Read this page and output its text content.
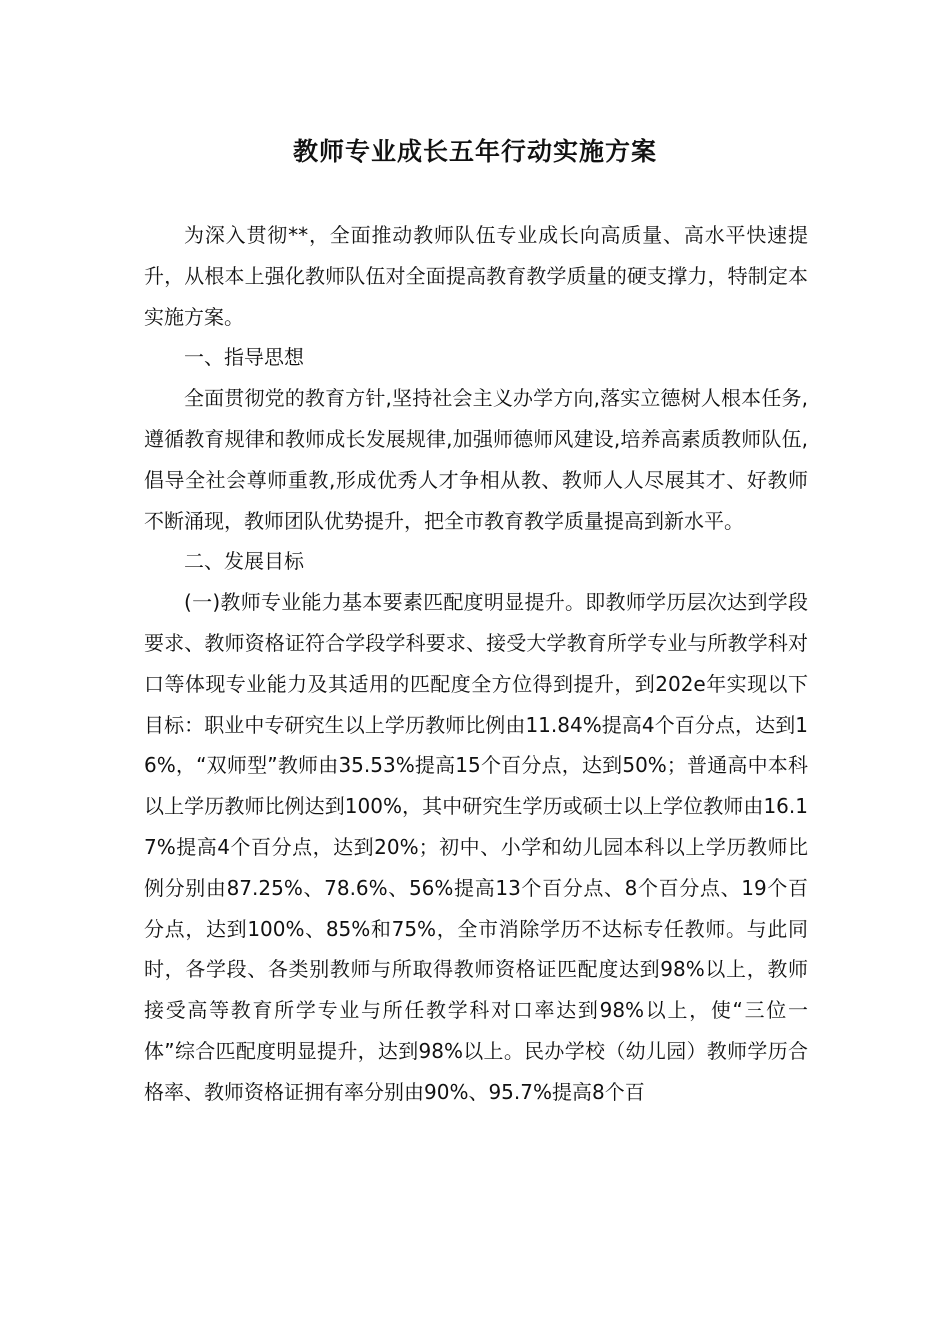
教师专业成长五年行动实施方案

为深入贯彻**，全面推动教师队伍专业成长向高质量、高水平快速提升，从根本上强化教师队伍对全面提高教育教学质量的硬支撑力，特制定本实施方案。

一、指导思想

全面贯彻党的教育方针,坚持社会主义办学方向,落实立德树人根本任务,遵循教育规律和教师成长发展规律,加强师德师风建设,培养高素质教师队伍,倡导全社会尊师重教,形成优秀人才争相从教、教师人人尽展其才、好教师不断涌现，教师团队优势提升，把全市教育教学质量提高到新水平。

二、发展目标

(一)教师专业能力基本要素匹配度明显提升。即教师学历层次达到学段要求、教师资格证符合学段学科要求、接受大学教育所学专业与所教学科对口等体现专业能力及其适用的匹配度全方位得到提升，到202e年实现以下目标：职业中专研究生以上学历教师比例由11.84%提高4个百分点，达到16%，“双师型”教师由35.53%提高15个百分点，达到50%；普通高中本科以上学历教师比例达到100%，其中研究生学历或硕士以上学位教师由16.17%提高4个百分点，达到20%；初中、小学和幼儿园本科以上学历教师比例分别由87.25%、78.6%、56%提高13个百分点、8个百分点、19个百分点，达到100%、85%和75%，全市消除学历不达标专任教师。与此同时，各学段、各类别教师与所取得教师资格证匹配度达到98%以上，教师接受高等教育所学专业与所任教学科对口率达到98%以上，使“三位一体”综合匹配度明显提升，达到98%以上。民办学校（幼儿园）教师学历合格率、教师资格证拥有率分别由90%、95.7%提高8个百
